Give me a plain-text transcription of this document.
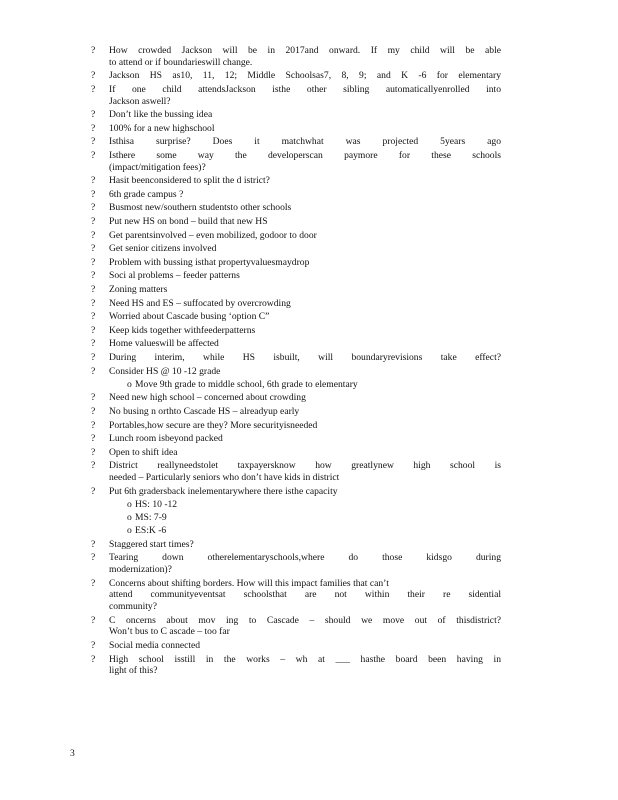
?	How crowded Jackson will be in 2017and onward. If my child will be able
to attend or if boundarieswill change.
?	Jackson HS as10, 11, 12; Middle Schoolsas7, 8, 9; and K -6 for elementary
?	If one child attendsJackson isthe other sibling automaticallyenrolled into
Jackson aswell?
?	Don’t like the bussing idea
?	100% for a new highschool
?	Isthisa surprise? Does it matchwhat was projected 5years ago
?	Isthere some way the developerscan paymore for these schools
(impact/mitigation fees)?
?	Hasit beenconsidered to split the d istrict?
?	6th grade campus ?
?	Busmost new/southern studentsto other schools
?	Put new HS on bond – build that new HS
?	Get parentsinvolved – even mobilized, godoor to door
?	Get senior citizens involved
?	Problem with bussing isthat propertyvaluesmaydrop
?	Soci al problems – feeder patterns
?	Zoning matters
?	Need HS and ES – suffocated by overcrowding
?	Worried about Cascade busing ‘option C”
?	Keep kids together withfeederpatterns
?	Home valueswill be affected
?	During interim, while HS isbuilt, will boundaryrevisions take effect?
?	Consider HS @ 10 -12 grade
o Move 9th grade to middle school, 6th grade to elementary
?	Need new high school – concerned about crowding
?	No busing n orthto Cascade HS – alreadyup early
?	Portables,how secure are they? More securityisneeded
?	Lunch room isbeyond packed
?	Open to shift idea
?	District reallyneedstolet taxpayersknow how greatlynew high school is
needed – Particularly seniors who don’t have kids in district
?	Put 6th gradersback inelementarywhere there isthe capacity
o HS: 10 -12
o MS: 7-9
o ES:K -6
?	Staggered start times?
?	Tearing down otherelementaryschools,where do those kidsgo during
modernization)?
?	Concerns about shifting borders. How will this impact families that can’t
attend communityeventsat schoolsthat are not within their re sidential
community?
?	C oncerns about mov ing to Cascade – should we move out of thisdistrict?
Won’t bus to C ascade – too far
?	Social media connected
?	High school isstill in the works – wh at ___ hasthe board been having in
light of this?
3
